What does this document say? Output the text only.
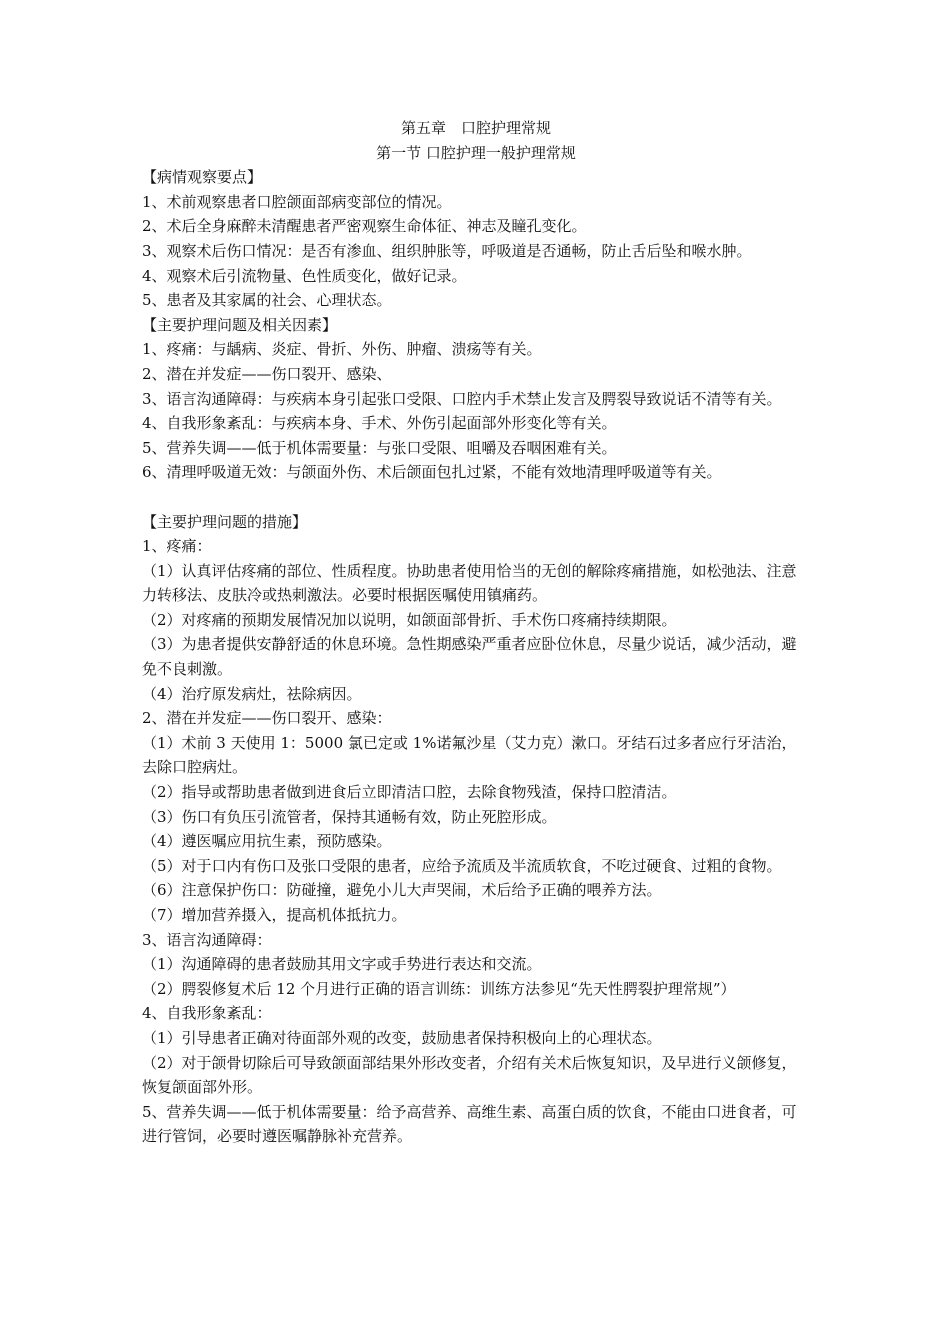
第五章　口腔护理常规

第一节 口腔护理一般护理常规

【病情观察要点】

1、术前观察患者口腔颌面部病变部位的情况。

2、术后全身麻醉未清醒患者严密观察生命体征、神志及瞳孔变化。

3、观察术后伤口情况：是否有渗血、组织肿胀等，呼吸道是否通畅，防止舌后坠和喉水肿。

4、观察术后引流物量、色性质变化，做好记录。

5、患者及其家属的社会、心理状态。

【主要护理问题及相关因素】

1、疼痛：与龋病、炎症、骨折、外伤、肿瘤、溃疡等有关。

2、潜在并发症——伤口裂开、感染、

3、语言沟通障碍：与疾病本身引起张口受限、口腔内手术禁止发言及腭裂导致说话不清等有关。

4、自我形象紊乱：与疾病本身、手术、外伤引起面部外形变化等有关。

5、营养失调——低于机体需要量：与张口受限、咀嚼及吞咽困难有关。

6、清理呼吸道无效：与颌面外伤、术后颌面包扎过紧，不能有效地清理呼吸道等有关。

【主要护理问题的措施】

1、疼痛：

（1）认真评估疼痛的部位、性质程度。协助患者使用恰当的无创的解除疼痛措施，如松弛法、注意力转移法、皮肤冷或热刺激法。必要时根据医嘱使用镇痛药。

（2）对疼痛的预期发展情况加以说明，如颌面部骨折、手术伤口疼痛持续期限。

（3）为患者提供安静舒适的休息环境。急性期感染严重者应卧位休息，尽量少说话，减少活动，避免不良刺激。

（4）治疗原发病灶，祛除病因。

2、潜在并发症——伤口裂开、感染：

（1）术前 3 天使用 1：5000 氯已定或 1%诺氟沙星（艾力克）漱口。牙结石过多者应行牙洁治，去除口腔病灶。

（2）指导或帮助患者做到进食后立即清洁口腔，去除食物残渣，保持口腔清洁。

（3）伤口有负压引流管者，保持其通畅有效，防止死腔形成。

（4）遵医嘱应用抗生素，预防感染。

（5）对于口内有伤口及张口受限的患者，应给予流质及半流质软食，不吃过硬食、过粗的食物。

（6）注意保护伤口：防碰撞，避免小儿大声哭闹，术后给予正确的喂养方法。

（7）增加营养摄入，提高机体抵抗力。

3、语言沟通障碍：

（1）沟通障碍的患者鼓励其用文字或手势进行表达和交流。

（2）腭裂修复术后 12 个月进行正确的语言训练：训练方法参见“先天性腭裂护理常规”）

4、自我形象紊乱：

（1）引导患者正确对待面部外观的改变，鼓励患者保持积极向上的心理状态。

（2）对于颌骨切除后可导致颌面部结果外形改变者，介绍有关术后恢复知识，及早进行义颌修复，恢复颌面部外形。

5、营养失调——低于机体需要量：给予高营养、高维生素、高蛋白质的饮食，不能由口进食者，可进行管饲，必要时遵医嘱静脉补充营养。
